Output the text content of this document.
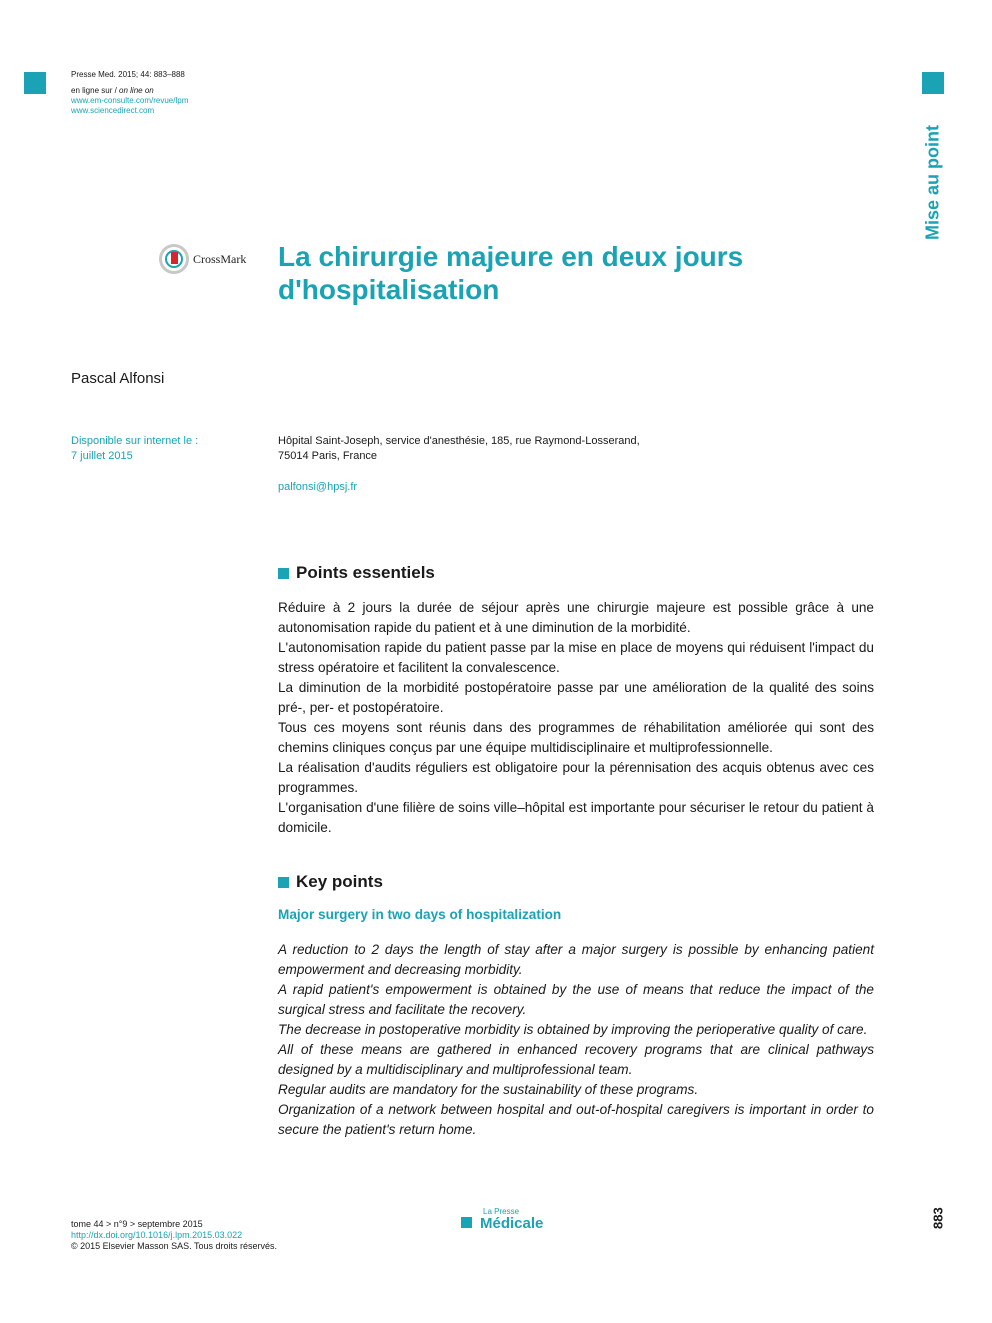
Presse Med. 2015; 44: 883–888
en ligne sur / on line on
www.em-consulte.com/revue/lpm
www.sciencedirect.com
Mise au point
CrossMark La chirurgie majeure en deux jours d'hospitalisation
Pascal Alfonsi
Disponible sur internet le :
7 juillet 2015
Hôpital Saint-Joseph, service d'anesthésie, 185, rue Raymond-Losserand,
75014 Paris, France
palfonsi@hpsj.fr
Points essentiels

Réduire à 2 jours la durée de séjour après une chirurgie majeure est possible grâce à une autonomisation rapide du patient et à une diminution de la morbidité.

L'autonomisation rapide du patient passe par la mise en place de moyens qui réduisent l'impact du stress opératoire et facilitent la convalescence.

La diminution de la morbidité postopératoire passe par une amélioration de la qualité des soins pré-, per- et postopératoire.

Tous ces moyens sont réunis dans des programmes de réhabilitation améliorée qui sont des chemins cliniques conçus par une équipe multidisciplinaire et multiprofessionnelle.

La réalisation d'audits réguliers est obligatoire pour la pérennisation des acquis obtenus avec ces programmes.

L'organisation d'une filière de soins ville–hôpital est importante pour sécuriser le retour du patient à domicile.

Key points
Major surgery in two days of hospitalization

A reduction to 2 days the length of stay after a major surgery is possible by enhancing patient empowerment and decreasing morbidity.

A rapid patient's empowerment is obtained by the use of means that reduce the impact of the surgical stress and facilitate the recovery.

The decrease in postoperative morbidity is obtained by improving the perioperative quality of care.

All of these means are gathered in enhanced recovery programs that are clinical pathways designed by a multidisciplinary and multiprofessional team.

Regular audits are mandatory for the sustainability of these programs.

Organization of a network between hospital and out-of-hospital caregivers is important in order to secure the patient's return home.

tome 44 > n°9 > septembre 2015
http://dx.doi.org/10.1016/j.lpm.2015.03.022
© 2015 Elsevier Masson SAS. Tous droits réservés.
La Presse
Médicale	883
